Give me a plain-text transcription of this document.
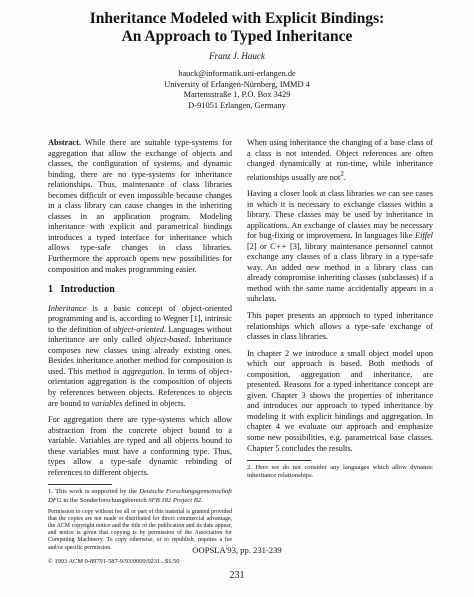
Inheritance Modeled with Explicit Bindings:
An Approach to Typed Inheritance
Franz J. Hauck
hauck@informatik.uni-erlangen.de
University of Erlangen-Nürnberg, IMMD 4
Martensstraße 1, P.O. Box 3429
D-91051 Erlangen, Germany

Abstract. While there are suitable type-systems for aggregation that allow the exchange of objects and classes, the configuration of systems, and dynamic binding, there are no type-systems for inheritance relationships. Thus, maintenance of class libraries becomes difficult or even impossible because changes in a class library can cause changes in the inheriting classes in an application program. Modeling inheritance with explicit and parametrical bindings introduces a typed interface for inheritance which allows type-safe changes in class libraries. Furthermore the approach opens new possibilities for composition and makes programming easier.

1 Introduction

Inheritance is a basic concept of object-oriented programming and is, according to Wegner [1], intrinsic to the definition of object-oriented. Languages without inheritance are only called object-based. Inheritance composes new classes using already existing ones. Besides inheritance another method for composition is used. This method is aggregation. In terms of object-orientation aggregation is the composition of objects by references between objects. References to objects are bound to variables defined in objects.

For aggregation there are type-systems which allow abstraction from the concrete object bound to a variable. Variables are typed and all objects bound to these variables must have a conforming type. Thus, types allow a type-safe dynamic rebinding of references to different objects.

1. This work is supported by the Deutsche Forschungsgemeinschaft DFG in the Sonderforschungsbereich SFB 182 Project B2.
Permission to copy without fee all or part of this material is granted provided that the copies are not made or distributed for direct commercial advantage, the ACM copyright notice and the title of the publication and its date appear, and notice is given that copying is by permission of the Association for Computing Machinery. To copy otherwise, or to republish, requires a fee and/or specific permission.
© 1993 ACM 0-89791-587-9/93/0009/0231...$1.50

When using inheritance the changing of a base class of a class is not intended. Object references are often changed dynamically at run-time, while inheritance relationships usually are not$^2$.

Having a closer look at class libraries we can see cases in which it is necessary to exchange classes within a library. These classes may be used by inheritance in applications. An exchange of classes may be necessary for bug-fixing or improvement. In languages like Eiffel [2] or C++ [3], library maintenance personnel cannot exchange any classes of a class library in a type-safe way. An added new method in a library class can already compromise inheriting classes (subclasses) if a method with the same name accidentally appears in a subclass.

This paper presents an approach to typed inheritance relationships which allows a type-safe exchange of classes in class libraries.

In chapter 2 we introduce a small object model upon which our approach is based. Both methods of composition, aggregation and inheritance, are presented. Reasons for a typed inheritance concept are given. Chapter 3 shows the properties of inheritance and introduces our approach to typed inheritance by modeling it with explicit bindings and aggregation. In chapter 4 we evaluate our approach and emphasize some new possibilities, e.g. parametrical base classes. Chapter 5 concludes the results.

2. Here we do not consider any languages which allow dynamic inheritance relationships.
OOPSLA'93, pp. 231-239
231
